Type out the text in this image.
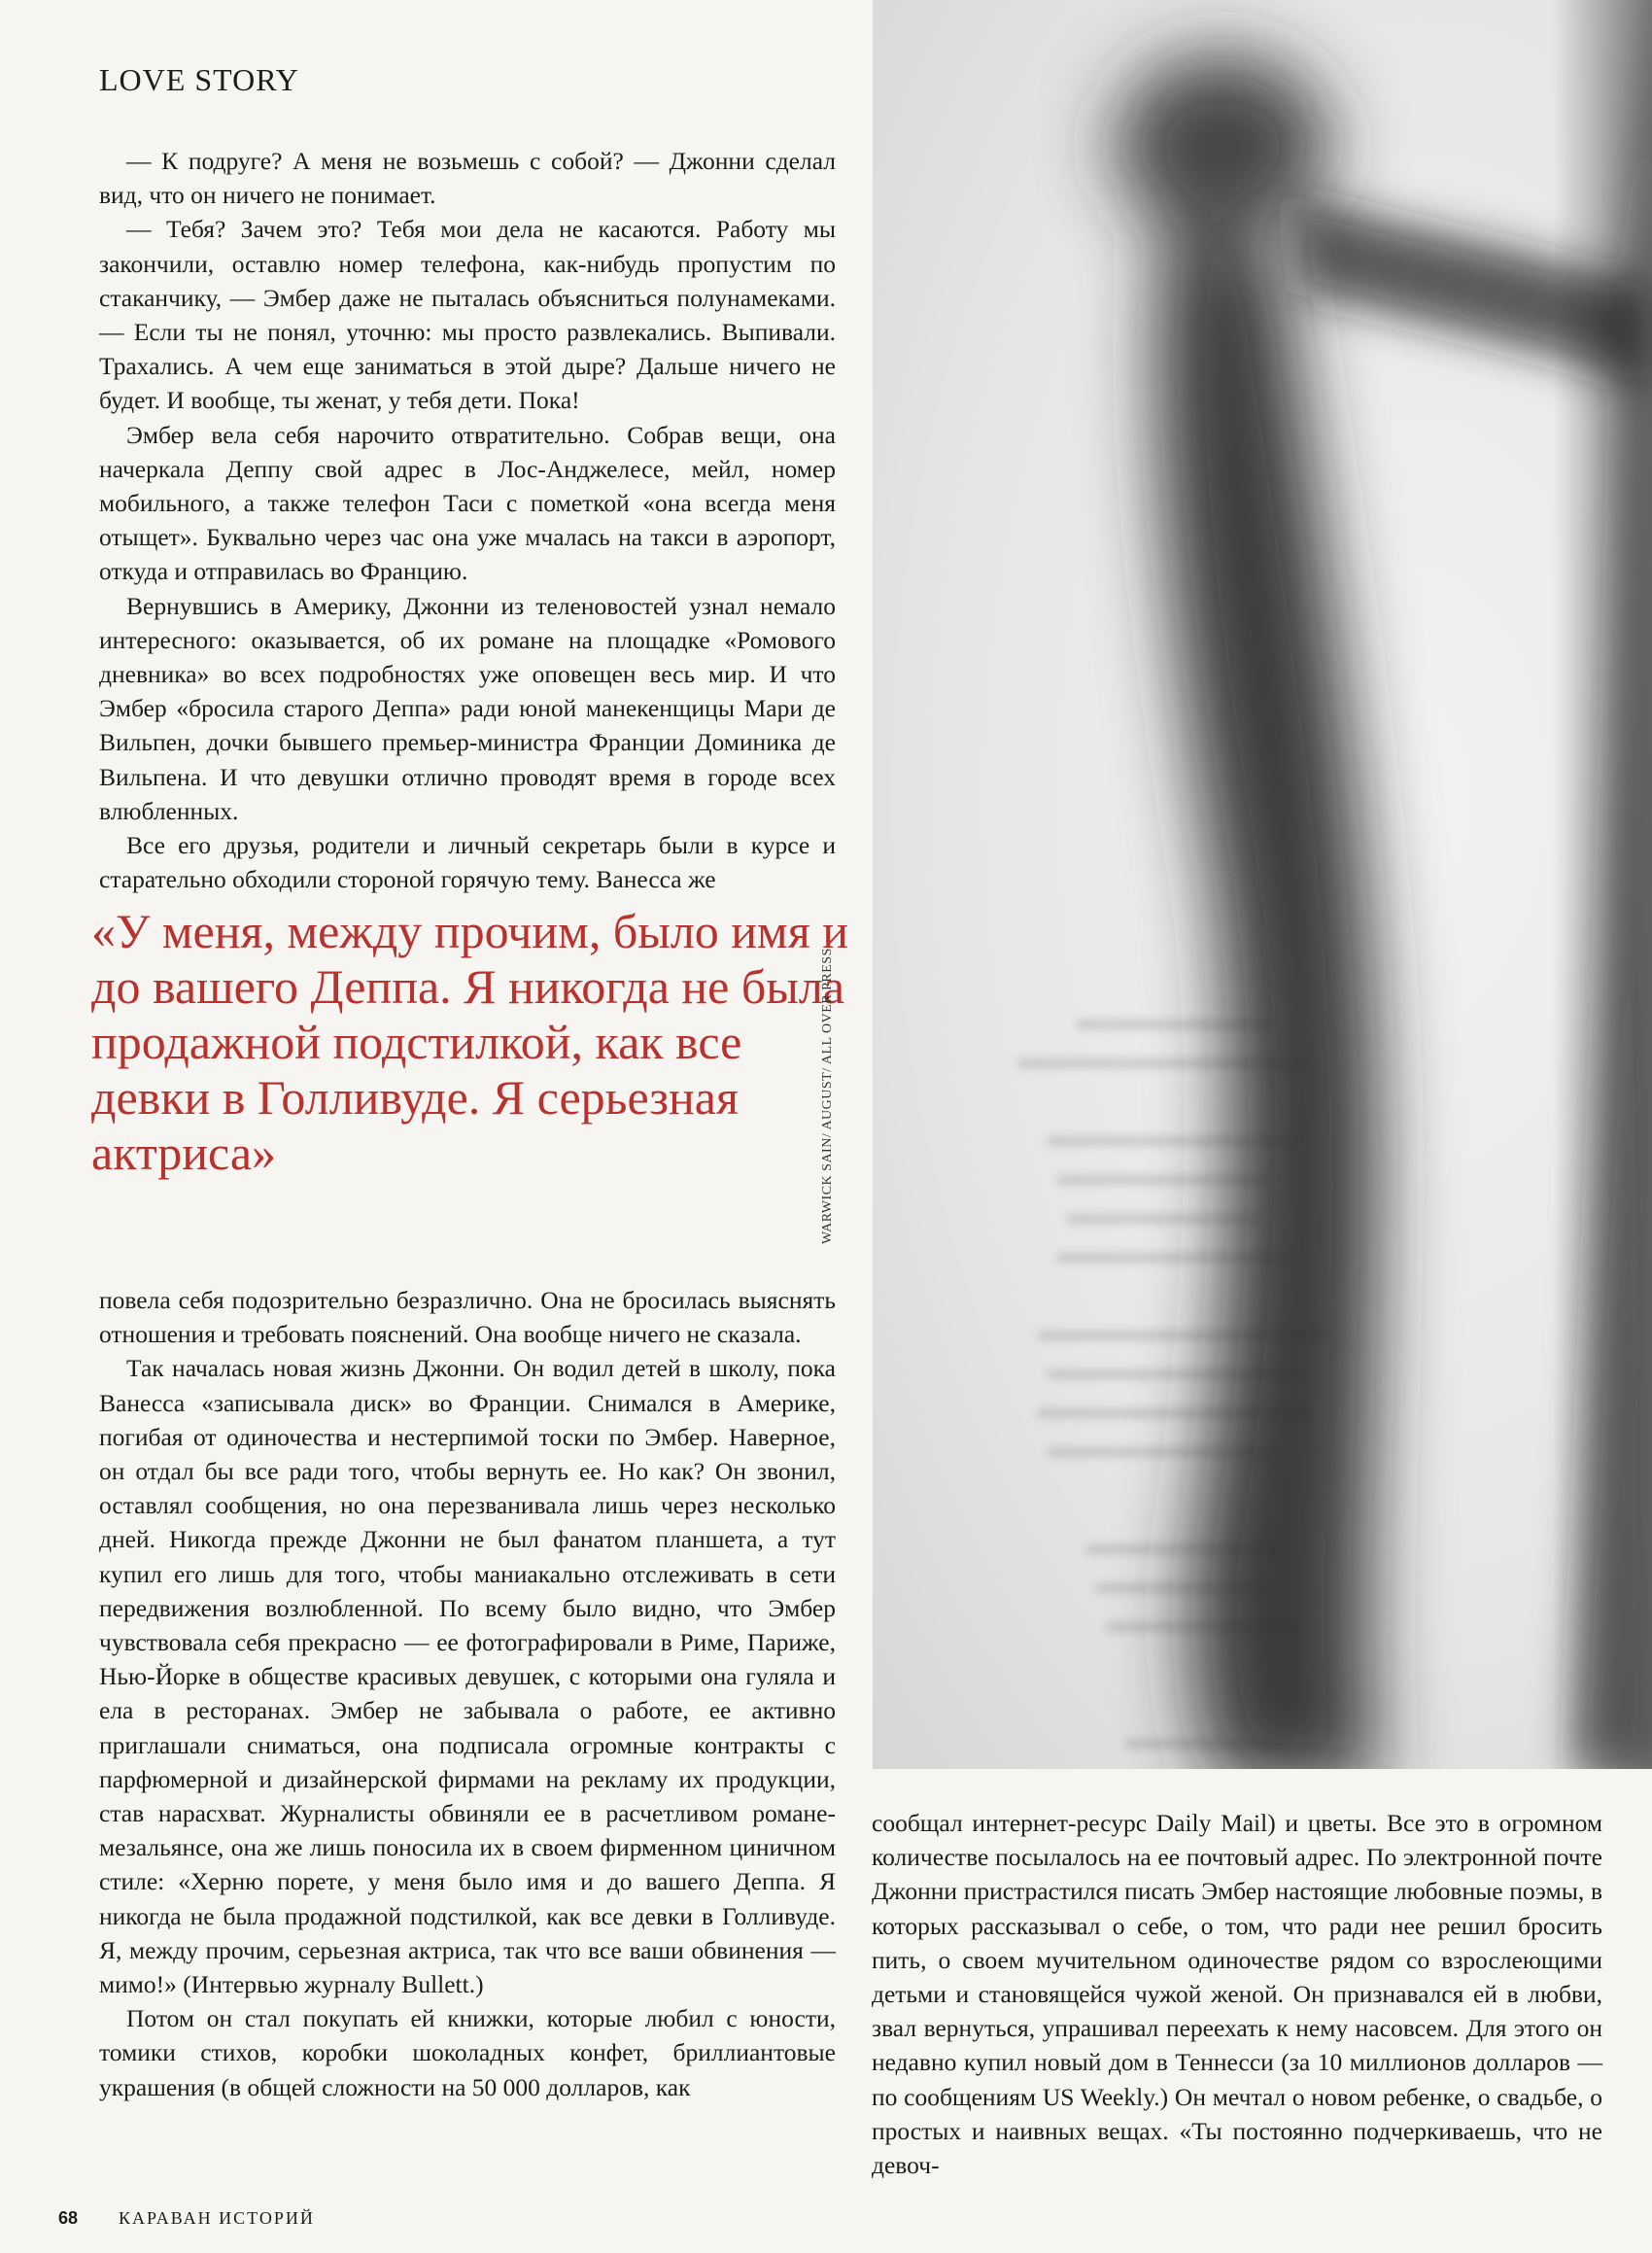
LOVE STORY

— К подруге? А меня не возьмешь с собой? — Джонни сделал вид, что он ничего не понимает.

— Тебя? Зачем это? Тебя мои дела не касаются. Работу мы закончили, оставлю номер телефона, как-нибудь пропустим по стаканчику, — Эмбер даже не пыталась объясниться полунамеками. — Если ты не понял, уточню: мы просто развлекались. Выпивали. Трахались. А чем еще заниматься в этой дыре? Дальше ничего не будет. И вообще, ты женат, у тебя дети. Пока!

Эмбер вела себя нарочито отвратительно. Собрав вещи, она начеркала Деппу свой адрес в Лос-Анджелесе, мейл, номер мобильного, а также телефон Таси с пометкой «она всегда меня отыщет». Буквально через час она уже мчалась на такси в аэропорт, откуда и отправилась во Францию.

Вернувшись в Америку, Джонни из теленовостей узнал немало интересного: оказывается, об их романе на площадке «Ромового дневника» во всех подробностях уже оповещен весь мир. И что Эмбер «бросила старого Деппа» ради юной манекенщицы Мари де Вильпен, дочки бывшего премьер-министра Франции Доминика де Вильпена. И что девушки отлично проводят время в городе всех влюбленных.

Все его друзья, родители и личный секретарь были в курсе и старательно обходили стороной горячую тему. Ванесса же

«У меня, между прочим, было имя и до вашего Деппа. Я никогда не была продажной подстилкой, как все девки в Голливуде. Я серьезная актриса»

повела себя подозрительно безразлично. Она не бросилась выяснять отношения и требовать пояснений. Она вообще ничего не сказала.

Так началась новая жизнь Джонни. Он водил детей в школу, пока Ванесса «записывала диск» во Франции. Снимался в Америке, погибая от одиночества и нестерпимой тоски по Эмбер. Наверное, он отдал бы все ради того, чтобы вернуть ее. Но как? Он звонил, оставлял сообщения, но она перезванивала лишь через несколько дней. Никогда прежде Джонни не был фанатом планшета, а тут купил его лишь для того, чтобы маниакально отслеживать в сети передвижения возлюбленной. По всему было видно, что Эмбер чувствовала себя прекрасно — ее фотографировали в Риме, Париже, Нью-Йорке в обществе красивых девушек, с которыми она гуляла и ела в ресторанах. Эмбер не забывала о работе, ее активно приглашали сниматься, она подписала огромные контракты с парфюмерной и дизайнерской фирмами на рекламу их продукции, став нарасхват. Журналисты обвиняли ее в расчетливом романе-мезальянсе, она же лишь поносила их в своем фирменном циничном стиле: «Херню порете, у меня было имя и до вашего Деппа. Я никогда не была продажной подстилкой, как все девки в Голливуде. Я, между прочим, серьезная актриса, так что все ваши обвинения — мимо!» (Интервью журналу Bullett.)

Потом он стал покупать ей книжки, которые любил с юности, томики стихов, коробки шоколадных конфет, бриллиантовые украшения (в общей сложности на 50 000 долларов, как

WARWICK SAIN/ AUGUST/ ALL OVER PRESS

сообщал интернет-ресурс Daily Mail) и цветы. Все это в огромном количестве посылалось на ее почтовый адрес. По электронной почте Джонни пристрастился писать Эмбер настоящие любовные поэмы, в которых рассказывал о себе, о том, что ради нее решил бросить пить, о своем мучительном одиночестве рядом со взрослеющими детьми и становящейся чужой женой. Он признавался ей в любви, звал вернуться, упрашивал переехать к нему насовсем. Для этого он недавно купил новый дом в Теннесси (за 10 миллионов долларов — по сообщениям US Weekly.) Он мечтал о новом ребенке, о свадьбе, о простых и наивных вещах. «Ты постоянно подчеркиваешь, что не девоч-

68 КАРАВАН ИСТОРИЙ
